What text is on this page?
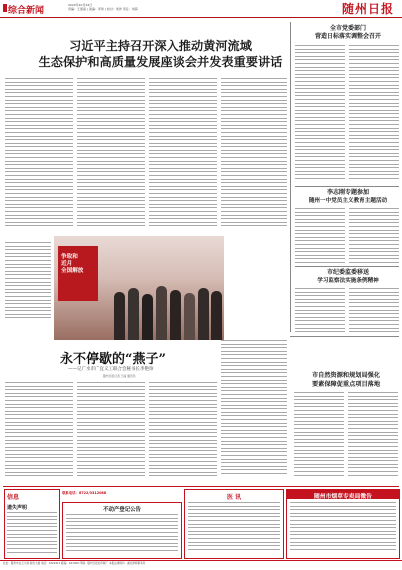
综合新闻
2024年10月22日
责编：王蕾丽 | 美编：李琦 | 校对：刘洋 责任：刘海	随州日报
习近平主持召开深入推动黄河流域
生态保护和高质量发展座谈会并发表重要讲话
全市党委部门
营造日标落实调整会召开
李志刚专题参加
随州一中党员主义教育主题活动
市纪委监委移送
学习监察法实施条例精神
争取和
近月
全国解放
永不停歇的“燕子”
——记广水市广宜义工联合会秘书长李艳珍
随州日报记者 王丽 通讯员	市自然资源和规划局强化
要素保障促重点项目落地
信息
遗失声明
联系电话：8722/3312088
不动产登记公告
医 讯	随州市烟草专卖局微告
社址：随州市白云大道·政机大楼 电话：3222411 邮编：441300 印刷：随州日报社印刷厂 本报法律顾问：湖北律师事务所
